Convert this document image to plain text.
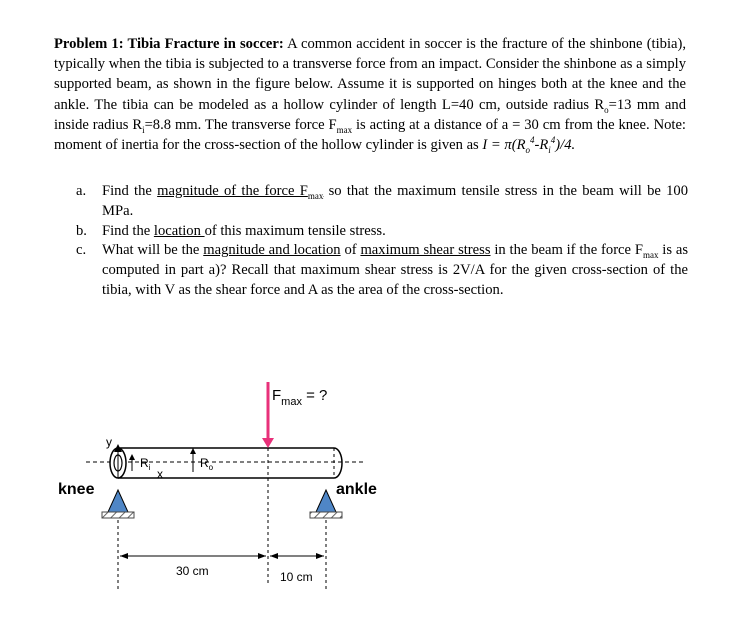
Problem 1: Tibia Fracture in soccer: A common accident in soccer is the fracture of the shinbone (tibia), typically when the tibia is subjected to a transverse force from an impact. Consider the shinbone as a simply supported beam, as shown in the figure below. Assume it is supported on hinges both at the knee and the ankle. The tibia can be modeled as a hollow cylinder of length L=40 cm, outside radius $R_o=13$ mm and inside radius $R_i=8.8$ mm. The transverse force $F_{max}$ is acting at a distance of a = 30 cm from the knee. Note: moment of inertia for the cross-section of the hollow cylinder is given as $I = \pi(R_o^4-R_i^4)/4$.

a. Find the magnitude of the force $F_{max}$ so that the maximum tensile stress in the beam will be 100 MPa.
b. Find the location of this maximum tensile stress.
c. What will be the magnitude and location of maximum shear stress in the beam if the force $F_{max}$ is as computed in part a)? Recall that maximum shear stress is 2V/A for the given cross-section of the tibia, with V as the shear force and A as the area of the cross-section.
y
$R_i$ x
$R_o$
$F_{max}$ = ?
knee	ankle
30 cm	10 cm
